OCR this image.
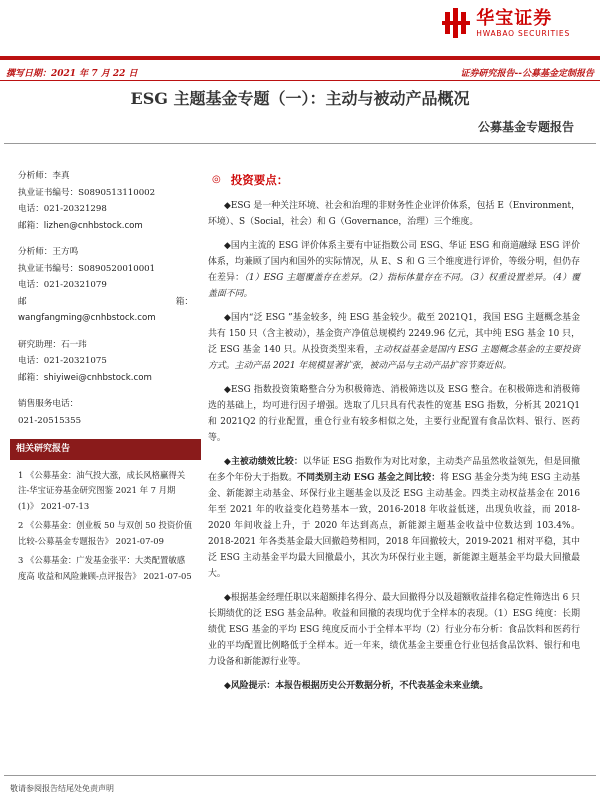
华宝证券
HWABAO SECURITIES
撰写日期：2021 年 7 月 22 日	证券研究报告--公募基金定制报告
ESG 主题基金专题（一）：主动与被动产品概况
公募基金专题报告
分析师：李真
执业证书编号：S0890513110002
电话：021-20321298
邮箱：lizhen@cnhbstock.com
分析师：王方鸣
执业证书编号：S0890520010001
电话：021-20321079
邮	箱：
wangfangming@cnhbstock.com
研究助理：石一玮
电话：021-20321075
邮箱：shiyiwei@cnhbstock.com
销售服务电话：
021-20515355
相关研究报告
1 《公募基金：油气投大涨，成长风格赢得关注-华宝证券基金研究图鉴 2021 年 7 月期(1)》 2021-07-13
2 《公募基金：创业板 50 与双创 50 投资价值比较-公募基金专题报告》 2021-07-09
3 《公募基金：广发基金张平：大类配置敏感度高 收益和风险兼顾-点评报告》 2021-07-05
◎ 投资要点：

◆ESG 是一种关注环境、社会和治理的非财务性企业评价体系，包括 E（Environment，环境）、S（Social，社会）和 G（Governance，治理）三个维度。

◆国内主流的 ESG 评价体系主要有中证指数公司 ESG、华证 ESG 和商道融绿 ESG 评价体系，均兼顾了国内和国外的实际情况，从 E、S 和 G 三个维度进行评价，等级分明，但仍存在差异：（1）ESG 主题覆盖存在差异。（2）指标体量存在不同。（3）权重设置差异。（4）覆盖面不同。

◆国内“泛 ESG ”基金较多，纯 ESG 基金较少。截至 2021Q1，我国 ESG 主题概念基金共有 150 只（含主被动），基金资产净值总规模约 2249.96 亿元，其中纯 ESG 基金 10 只，泛 ESG 基金 140 只。从投资类型来看，主动权益基金是国内 ESG 主题概念基金的主要投资方式。主动产品 2021 年规模显著扩张，被动产品与主动产品扩容节奏近似。

◆ESG 指数投资策略整合分为积极筛选、消极筛选以及 ESG 整合。在积极筛选和消极筛选的基础上，均可进行因子增强。选取了几只具有代表性的宽基 ESG 指数，分析其 2021Q1 和 2021Q2 的行业配置，重仓行业有较多相似之处，主要行业配置有食品饮料、银行、医药等。

◆主被动绩效比较：以华证 ESG 指数作为对比对象，主动类产品虽然收益领先，但是回撤在多个年份大于指数。不同类别主动 ESG 基金之间比较：将 ESG 基金分类为纯 ESG 主动基金、新能源主动基金、环保行业主题基金以及泛 ESG 主动基金。四类主动权益基金在 2016 年至 2021 年的收益变化趋势基本一致，2016-2018 年收益低迷，出现负收益，而 2018-2020 年间收益上升，于 2020 年达到高点，新能源主题基金收益中位数达到 103.4%。2018-2021 年各类基金最大回撤趋势相同，2018 年回撤较大，2019-2021 相对平稳，其中泛 ESG 主动基金平均最大回撤最小，其次为环保行业主题，新能源主题基金平均最大回撤最大。

◆根据基金经理任职以来超额排名得分、最大回撤得分以及超额收益排名稳定性筛选出 6 只长期绩优的泛 ESG 基金品种。收益和回撤的表现均优于全样本的表现。（1）ESG 纯度：长期绩优 ESG 基金的平均 ESG 纯度反而小于全样本平均（2）行业分布分析：食品饮料和医药行业的平均配置比例略低于全样本。近一年来，绩优基金主要重仓行业包括食品饮料、银行和电力设备和新能源行业等。

◆风险提示：本报告根据历史公开数据分析，不代表基金未来业绩。

敬请参阅报告结尾处免责声明
